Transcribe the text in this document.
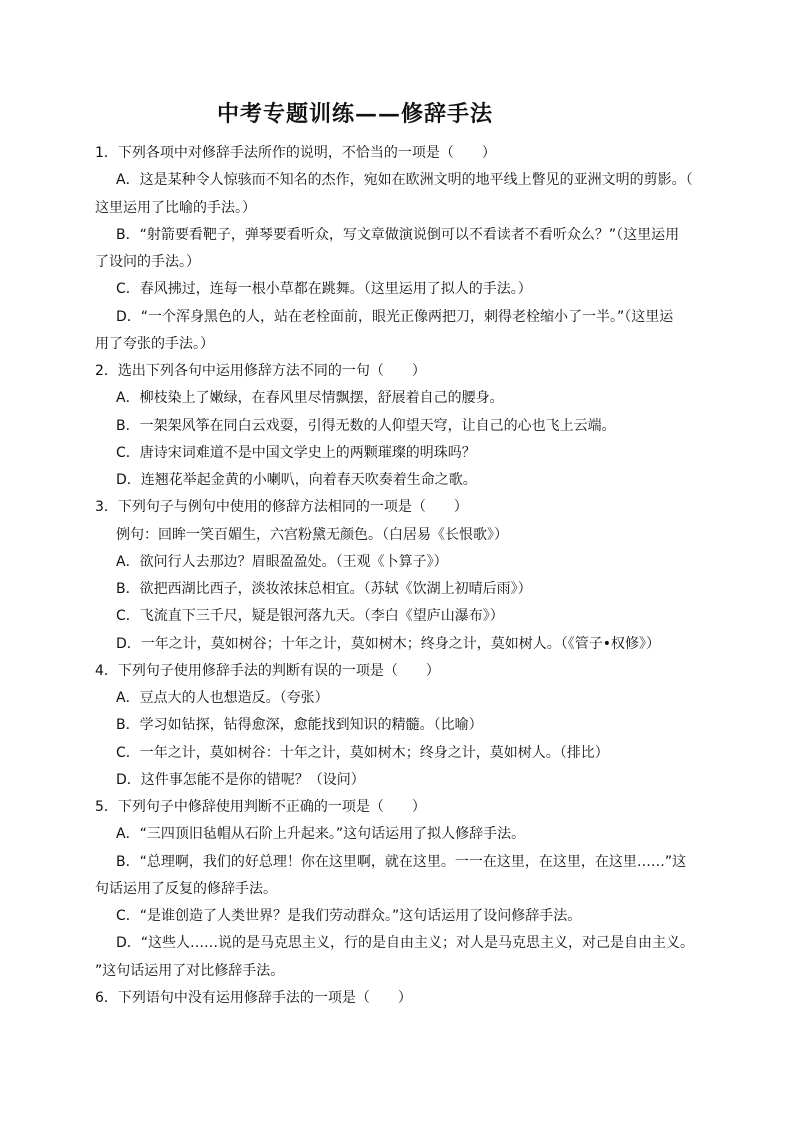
中考专题训练——修辞手法
1．下列各项中对修辞手法所作的说明，不恰当的一项是（　　）
A．这是某种令人惊骇而不知名的杰作，宛如在欧洲文明的地平线上瞥见的亚洲文明的剪影。（
这里运用了比喻的手法。）
B．“射箭要看靶子，弹琴要看听众，写文章做演说倒可以不看读者不看听众么？”（这里运用
了设问的手法。）
C．春风拂过，连每一根小草都在跳舞。（这里运用了拟人的手法。）
D．“一个浑身黑色的人，站在老栓面前，眼光正像两把刀，刺得老栓缩小了一半。”（这里运
用了夸张的手法。）
2．选出下列各句中运用修辞方法不同的一句（　　）
A．柳枝染上了嫩绿，在春风里尽情飘摆，舒展着自己的腰身。
B．一架架风筝在同白云戏耍，引得无数的人仰望天穹，让自己的心也飞上云端。
C．唐诗宋词难道不是中国文学史上的两颗璀璨的明珠吗？
D．连翘花举起金黄的小喇叭，向着春天吹奏着生命之歌。
3．下列句子与例句中使用的修辞方法相同的一项是（　　）
例句：回眸一笑百媚生，六宫粉黛无颜色。（白居易《长恨歌》）
A．欲问行人去那边？眉眼盈盈处。（王观《卜算子》）
B．欲把西湖比西子，淡妆浓抹总相宜。（苏轼《饮湖上初晴后雨》）
C．飞流直下三千尺，疑是银河落九天。（李白《望庐山瀑布》）
D．一年之计，莫如树谷；十年之计，莫如树木；终身之计，莫如树人。（《管子•权修》）
4．下列句子使用修辞手法的判断有误的一项是（　　）
A．豆点大的人也想造反。（夸张）
B．学习如钻探，钻得愈深，愈能找到知识的精髓。（比喻）
C．一年之计，莫如树谷：十年之计，莫如树木；终身之计，莫如树人。（排比）
D．这件事怎能不是你的错呢？（设问）
5．下列句子中修辞使用判断不正确的一项是（　　）
A．“三四顶旧毡帽从石阶上升起来。”这句话运用了拟人修辞手法。
B．“总理啊，我们的好总理！你在这里啊，就在这里。一一在这里，在这里，在这里……”这
句话运用了反复的修辞手法。
C．“是谁创造了人类世界？是我们劳动群众。”这句话运用了设问修辞手法。
D．“这些人……说的是马克思主义，行的是自由主义；对人是马克思主义，对己是自由主义。
”这句话运用了对比修辞手法。
6．下列语句中没有运用修辞手法的一项是（　　）
